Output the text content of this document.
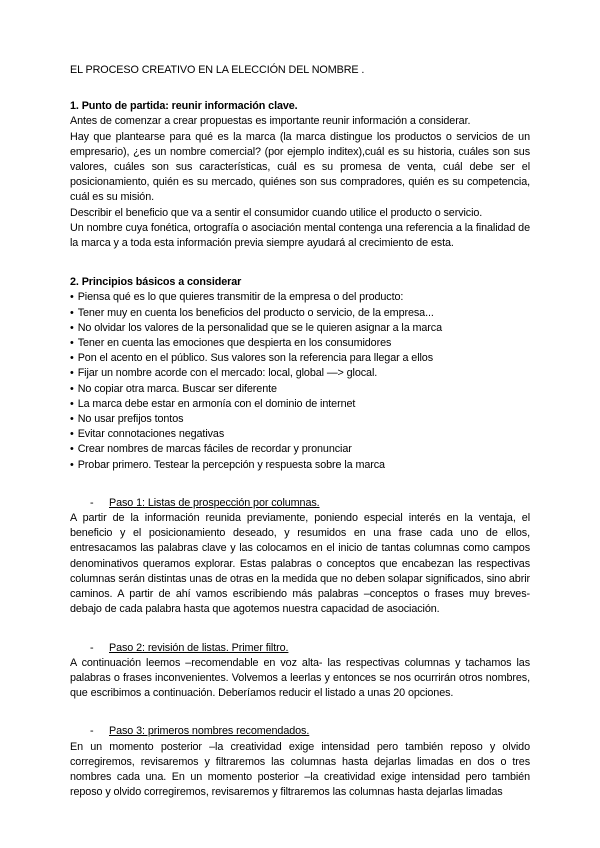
EL PROCESO CREATIVO EN LA ELECCIÓN DEL NOMBRE .

1. Punto de partida: reunir información clave.

Antes de comenzar a crear propuestas es importante reunir información a considerar.

Hay que plantearse para qué es la marca (la marca distingue los productos o servicios de un empresario), ¿es un nombre comercial? (por ejemplo inditex),cuál es su historia, cuáles son sus valores, cuáles son sus características, cuál es su promesa de venta, cuál debe ser el posicionamiento, quién es su mercado, quiénes son sus compradores, quién es su competencia, cuál es su misión.

Describir el beneficio que va a sentir el consumidor cuando utilice el producto o servicio.

Un nombre cuya fonética, ortografía o asociación mental contenga una referencia a la finalidad de la marca y a toda esta información previa siempre ayudará al crecimiento de esta.

2. Principios básicos a considerar

• Piensa qué es lo que quieres transmitir de la empresa o del producto:

• Tener muy en cuenta los beneficios del producto o servicio, de la empresa...

• No olvidar los valores de la personalidad que se le quieren asignar a la marca

• Tener en cuenta las emociones que despierta en los consumidores

• Pon el acento en el público. Sus valores son la referencia para llegar a ellos

• Fijar un nombre acorde con el mercado: local, global —> glocal.

• No copiar otra marca. Buscar ser diferente

• La marca debe estar en armonía con el dominio de internet

• No usar prefijos tontos

• Evitar connotaciones negativas

• Crear nombres de marcas fáciles de recordar y pronunciar

• Probar primero. Testear la percepción y respuesta sobre la marca

- Paso 1: Listas de prospección por columnas.

A partir de la información reunida previamente, poniendo especial interés en la ventaja, el beneficio y el posicionamiento deseado, y resumidos en una frase cada uno de ellos, entresacamos las palabras clave y las colocamos en el inicio de tantas columnas como campos denominativos queramos explorar. Estas palabras o conceptos que encabezan las respectivas columnas serán distintas unas de otras en la medida que no deben solapar significados, sino abrir caminos. A partir de ahí vamos escribiendo más palabras –conceptos o frases muy breves- debajo de cada palabra hasta que agotemos nuestra capacidad de asociación.

- Paso 2: revisión de listas. Primer filtro.

A continuación leemos –recomendable en voz alta- las respectivas columnas y tachamos las palabras o frases inconvenientes. Volvemos a leerlas y entonces se nos ocurrirán otros nombres, que escribimos a continuación. Deberíamos reducir el listado a unas 20 opciones.

- Paso 3: primeros nombres recomendados.

En un momento posterior –la creatividad exige intensidad pero también reposo y olvido corregiremos, revisaremos y filtraremos las columnas hasta dejarlas limadas en dos o tres nombres cada una. En un momento posterior –la creatividad exige intensidad pero también reposo y olvido corregiremos, revisaremos y filtraremos las columnas hasta dejarlas limadas
